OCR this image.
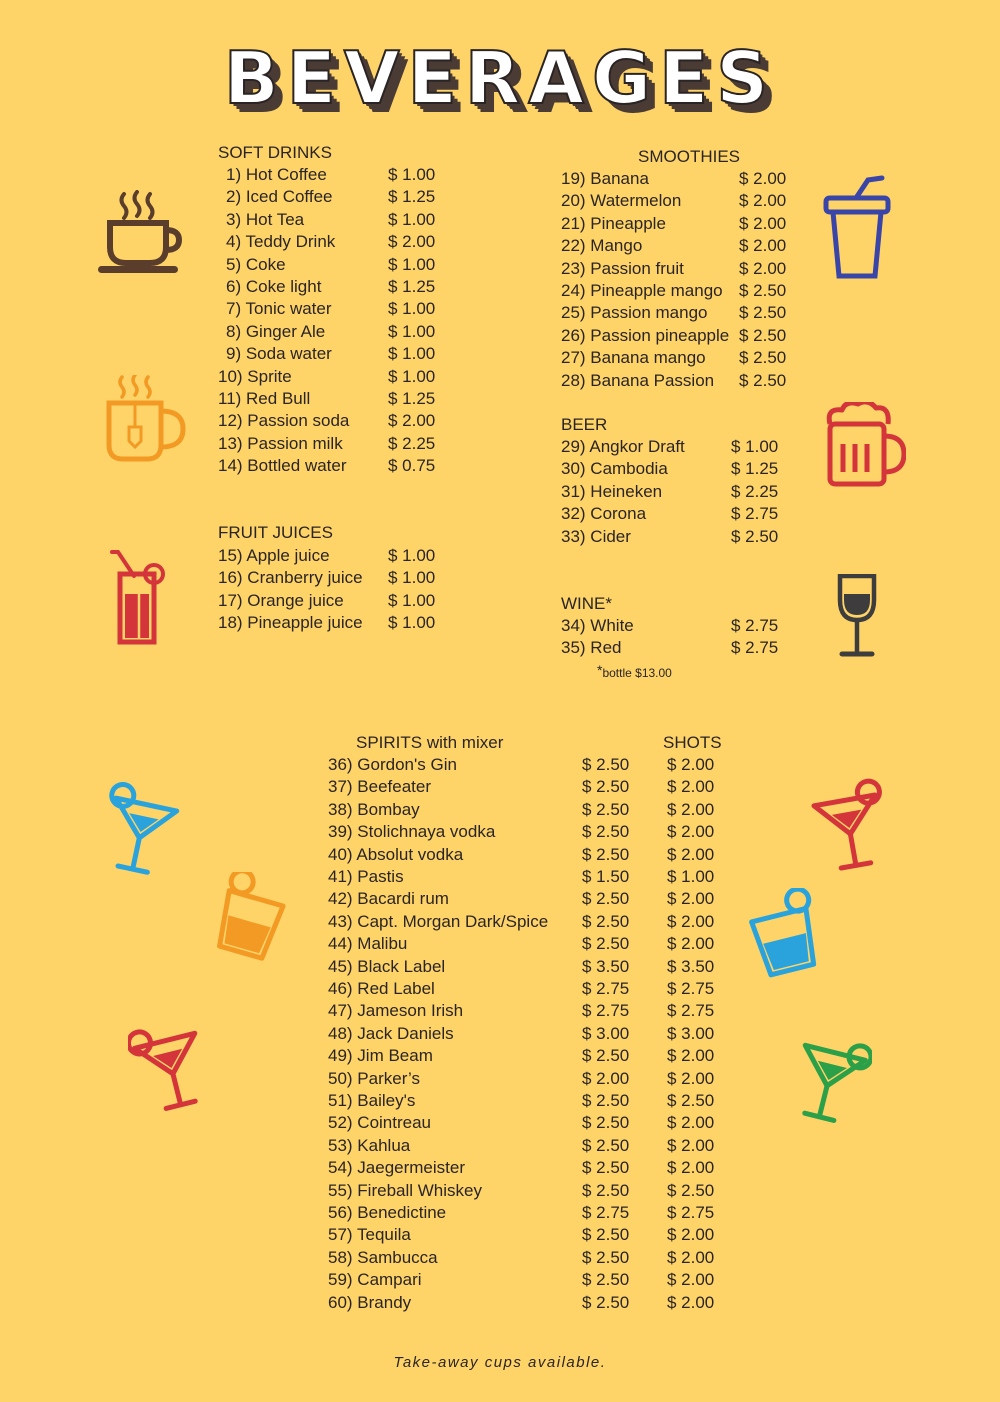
BEVERAGES
SOFT DRINKS
1) Hot Coffee	$ 1.00
2) Iced Coffee	$ 1.25
3) Hot Tea	$ 1.00
4) Teddy Drink	$ 2.00
5) Coke	$ 1.00
6) Coke light	$ 1.25
7) Tonic water	$ 1.00
8) Ginger Ale	$ 1.00
9) Soda water	$ 1.00
10) Sprite	$ 1.00
11) Red Bull	$ 1.25
12) Passion soda $ 2.00
13) Passion milk	$ 2.25
14) Bottled water $ 0.75
FRUIT JUICES
15) Apple juice	$ 1.00
16) Cranberry juice $ 1.00
17) Orange juice	$ 1.00
18) Pineapple juice $ 1.00
SMOOTHIES
19) Banana	$ 2.00
20) Watermelon	$ 2.00
21) Pineapple	$ 2.00
22) Mango	$ 2.00
23) Passion fruit	$ 2.00
24) Pineapple mango $ 2.50
25) Passion mango $ 2.50
26) Passion pineapple $ 2.50
27) Banana mango $ 2.50
28) Banana Passion $ 2.50
BEER
29) Angkor Draft	$ 1.00
30) Cambodia	$ 1.25
31) Heineken	$ 2.25
32) Corona	$ 2.75
33) Cider	$ 2.50
WINE*
34) White	$ 2.75
35) Red	$ 2.75
*bottle $13.00
SPIRITS with mixer	SHOTS
36) Gordon's Gin	$ 2.50 $ 2.00
37) Beefeater	$ 2.50 $ 2.00
38) Bombay	$ 2.50 $ 2.00
39) Stolichnaya vodka	$ 2.50 $ 2.00
40) Absolut vodka	$ 2.50 $ 2.00
41) Pastis	$ 1.50 $ 1.00
42) Bacardi rum	$ 2.50 $ 2.00
43) Capt. Morgan Dark/Spice $ 2.50 $ 2.00
44) Malibu	$ 2.50 $ 2.00
45) Black Label	$ 3.50 $ 3.50
46) Red Label	$ 2.75 $ 2.75
47) Jameson Irish	$ 2.75 $ 2.75
48) Jack Daniels	$ 3.00 $ 3.00
49) Jim Beam	$ 2.50 $ 2.00
50) Parker’s	$ 2.00 $ 2.00
51) Bailey's	$ 2.50 $ 2.50
52) Cointreau	$ 2.50 $ 2.00
53) Kahlua	$ 2.50 $ 2.00
54) Jaegermeister	$ 2.50 $ 2.00
55) Fireball Whiskey	$ 2.50 $ 2.50
56) Benedictine	$ 2.75 $ 2.75
57) Tequila	$ 2.50 $ 2.00
58) Sambucca	$ 2.50 $ 2.00
59) Campari	$ 2.50 $ 2.00
60) Brandy	$ 2.50 $ 2.00
Take-away cups available.
